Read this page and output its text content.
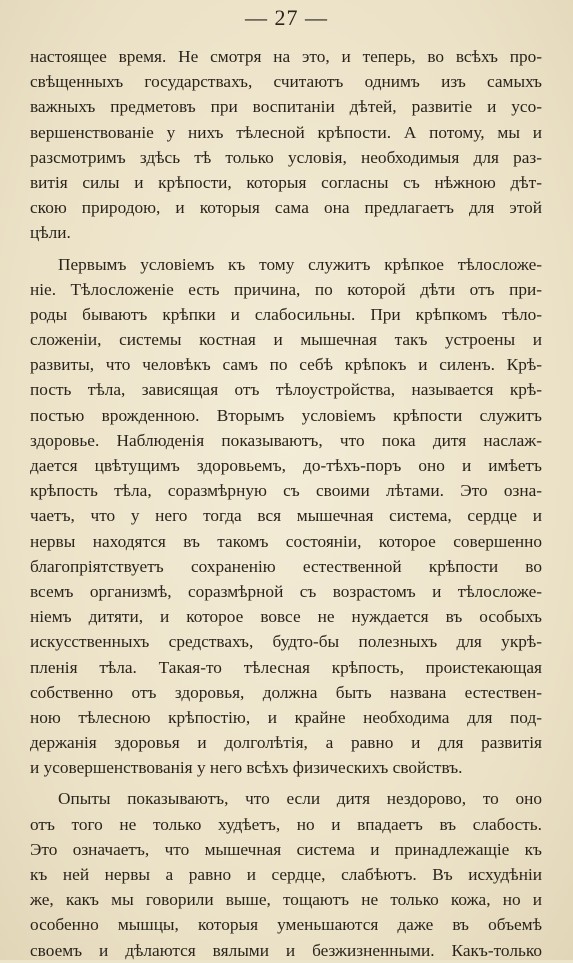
— 27 —
настоящее время. Не смотря на это, и теперь, во всѣхъ про-
свѣщенныхъ государствахъ, считаютъ однимъ изъ самыхъ
важныхъ предметовъ при воспитаніи дѣтей, развитіе и усо-
вершенствованіе у нихъ тѣлесной крѣпости. А потому, мы и
разсмотримъ здѣсь тѣ только условія, необходимыя для раз-
витія силы и крѣпости, которыя согласны съ нѣжною дѣт-
скою природою, и которыя сама она предлагаетъ для этой
цѣли.
Первымъ условіемъ къ тому служитъ крѣпкое тѣлосложе-
ніе. Тѣлосложеніе есть причина, по которой дѣти отъ при-
роды бываютъ крѣпки и слабосильны. При крѣпкомъ тѣло-
сложеніи, системы костная и мышечная такъ устроены и
развиты, что человѣкъ самъ по себѣ крѣпокъ и силенъ. Крѣ-
пость тѣла, зависящая отъ тѣлоустройства, называется крѣ-
постью врожденною. Вторымъ условіемъ крѣпости служитъ
здоровье. Наблюденія показываютъ, что пока дитя наслаж-
дается цвѣтущимъ здоровьемъ, до-тѣхъ-поръ оно и имѣетъ
крѣпость тѣла, соразмѣрную съ своими лѣтами. Это озна-
чаетъ, что у него тогда вся мышечная система, сердце и
нервы находятся въ такомъ состояніи, которое совершенно
благопріятствуетъ сохраненію естественной крѣпости во
всемъ организмѣ, соразмѣрной съ возрастомъ и тѣлосложе-
ніемъ дитяти, и которое вовсе не нуждается въ особыхъ
искусственныхъ средствахъ, будто-бы полезныхъ для укрѣ-
пленія тѣла. Такая-то тѣлесная крѣпость, проистекающая
собственно отъ здоровья, должна быть названа естествен-
ною тѣлесною крѣпостію, и крайне необходима для под-
держанія здоровья и долголѣтія, а равно и для развитія
и усовершенствованія у него всѣхъ физическихъ свойствъ.
Опыты показываютъ, что если дитя нездорово, то оно
отъ того не только худѣетъ, но и впадаетъ въ слабость.
Это означаетъ, что мышечная система и принадлежащіе къ
къ ней нервы а равно и сердце, слабѣютъ. Въ исхудѣніи
же, какъ мы говорили выше, тощаютъ не только кожа, но и
особенно мышцы, которыя уменьшаются даже въ объемѣ
своемъ и дѣлаются вялыми и безжизненными. Какъ-только
